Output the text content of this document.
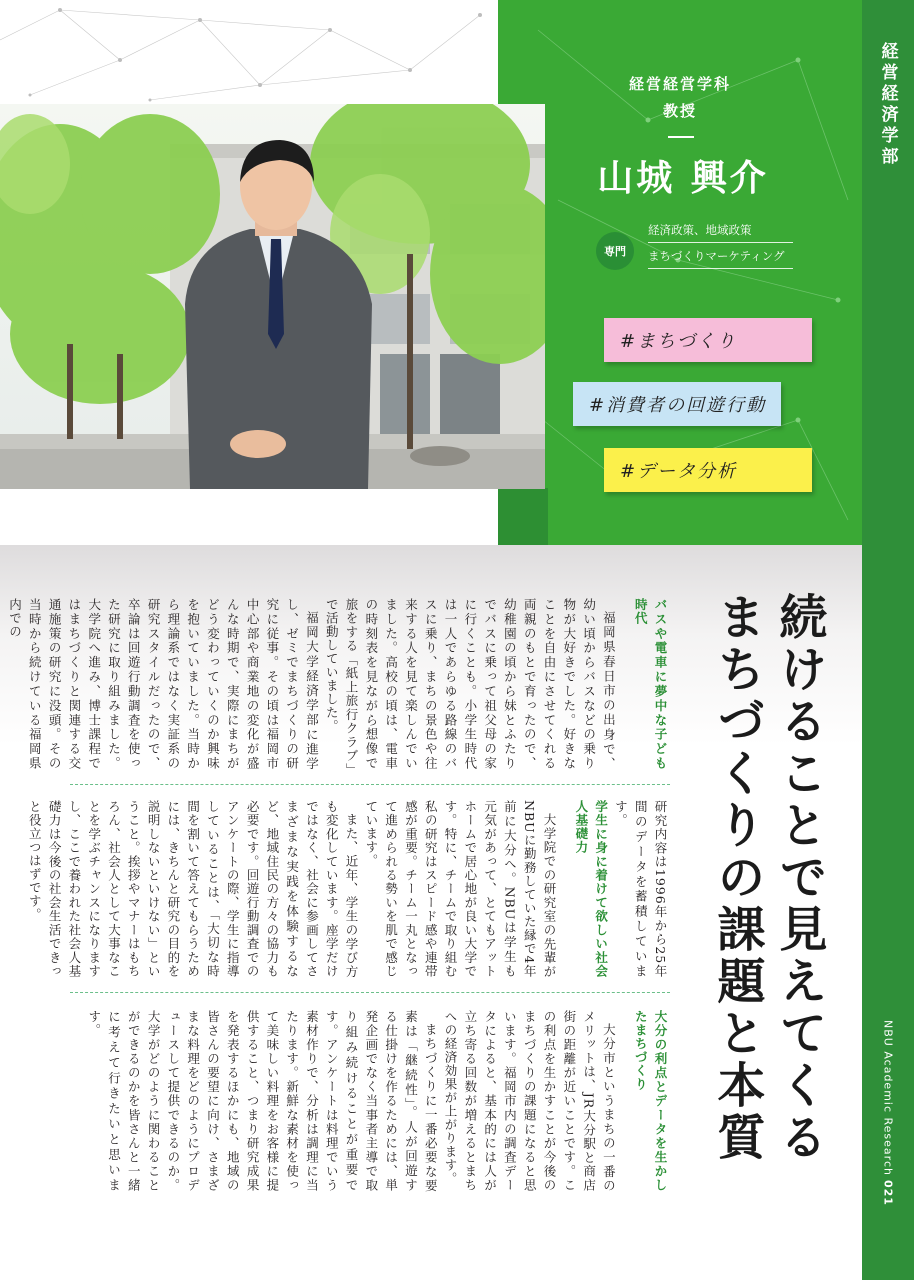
経営経営学科
教授
山城 興介
専門
経済政策、地域政策
まちづくりマーケティング
#まちづくり
#消費者の回遊行動
#データ分析
経営経済学部
NBU Academic Research
021
続けることで見えてくるまちづくりの課題と本質
バスや電車に夢中な子ども時代
福岡県春日市の出身で、幼い頃からバスなどの乗り物が大好きでした。好きなことを自由にさせてくれる両親のもとで育ったので、幼稚園の頃から妹とふたりでバスに乗って祖父母の家に行くことも。小学生時代は一人であらゆる路線のバスに乗り、まちの景色や往来する人を見て楽しんでいました。高校の頃は、電車の時刻表を見ながら想像で旅をする「紙上旅行クラブ」で活動していました。
福岡大学経済学部に進学し、ゼミでまちづくりの研究に従事。その頃は福岡市中心部や商業地の変化が盛んな時期で、実際にまちがどう変わっていくのか興味を抱いていました。当時から理論系ではなく実証系の研究スタイルだったので、卒論は回遊行動調査を使った研究に取り組みました。大学院へ進み、博士課程ではまちづくりと関連する交通施策の研究に没頭。その当時から続けている福岡県内での
研究内容は1996年から25年間のデータを蓄積しています。
学生に身に着けて欲しい社会人基礎力
大学院での研究室の先輩がNBUに勤務していた縁で4年前に大分へ。NBUは学生も元気があって、とてもアットホームで居心地が良い大学です。特に、チームで取り組む私の研究はスピード感や連帯感が重要。チーム一丸となって進められる勢いを肌で感じています。
また、近年、学生の学び方も変化しています。座学だけではなく、社会に参画してさまざまな実践を体験するなど、地域住民の方々の協力も必要です。回遊行動調査でのアンケートの際、学生に指導していることは、「大切な時間を割いて答えてもらうためには、きちんと研究の目的を説明しないといけない」ということ。挨拶やマナーはもちろん、社会人として大事なことを学ぶチャンスになりますし、ここで養われた社会人基礎力は今後の社会生活できっと役立つはずです。
大分の利点とデータを生かしたまちづくり
大分市というまちの一番のメリットは、JR大分駅と商店街の距離が近いことです。この利点を生かすことが今後のまちづくりの課題になると思います。福岡市内の調査データによると、基本的には人が立ち寄る回数が増えるとまちへの経済効果が上がります。
まちづくりに一番必要な要素は「継続性」。人が回遊する仕掛けを作るためには、単発企画でなく当事者主導で取り組み続けることが重要です。アンケートは料理でいう素材作りで、分析は調理に当たります。新鮮な素材を使って美味しい料理をお客様に提供すること、つまり研究成果を発表するほかにも、地域の皆さんの要望に向け、さまざまな料理をどのようにプロデュースして提供できるのか。大学がどのように関わることができるのかを皆さんと一緒に考えて行きたいと思います。
